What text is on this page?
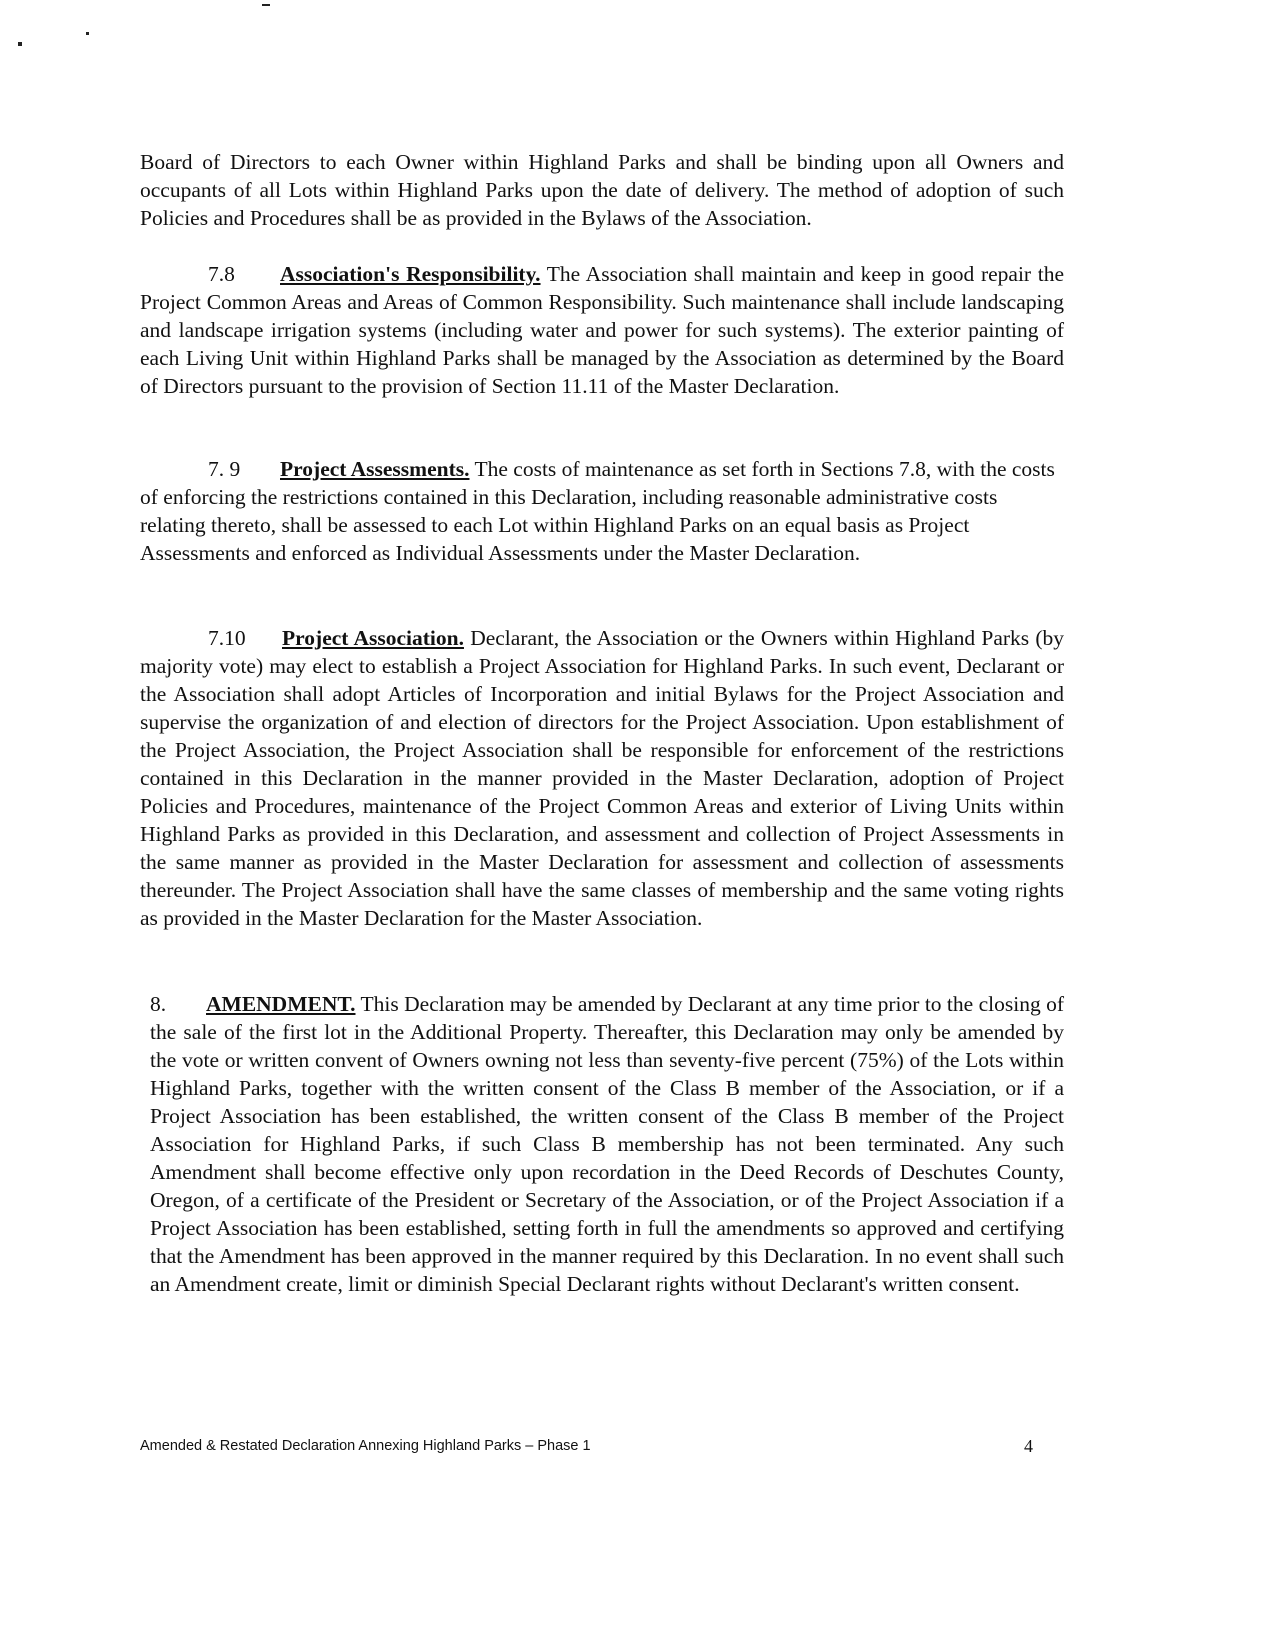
Board of Directors to each Owner within Highland Parks and shall be binding upon all Owners and occupants of all Lots within Highland Parks upon the date of delivery. The method of adoption of such Policies and Procedures shall be as provided in the Bylaws of the Association.

7.8 Association's Responsibility. The Association shall maintain and keep in good repair the Project Common Areas and Areas of Common Responsibility. Such maintenance shall include landscaping and landscape irrigation systems (including water and power for such systems). The exterior painting of each Living Unit within Highland Parks shall be managed by the Association as determined by the Board of Directors pursuant to the provision of Section 11.11 of the Master Declaration.

7. 9 Project Assessments. The costs of maintenance as set forth in Sections 7.8, with the costs of enforcing the restrictions contained in this Declaration, including reasonable administrative costs relating thereto, shall be assessed to each Lot within Highland Parks on an equal basis as Project Assessments and enforced as Individual Assessments under the Master Declaration.

7.10 Project Association. Declarant, the Association or the Owners within Highland Parks (by majority vote) may elect to establish a Project Association for Highland Parks. In such event, Declarant or the Association shall adopt Articles of Incorporation and initial Bylaws for the Project Association and supervise the organization of and election of directors for the Project Association. Upon establishment of the Project Association, the Project Association shall be responsible for enforcement of the restrictions contained in this Declaration in the manner provided in the Master Declaration, adoption of Project Policies and Procedures, maintenance of the Project Common Areas and exterior of Living Units within Highland Parks as provided in this Declaration, and assessment and collection of Project Assessments in the same manner as provided in the Master Declaration for assessment and collection of assessments thereunder. The Project Association shall have the same classes of membership and the same voting rights as provided in the Master Declaration for the Master Association.

8. AMENDMENT. This Declaration may be amended by Declarant at any time prior to the closing of the sale of the first lot in the Additional Property. Thereafter, this Declaration may only be amended by the vote or written convent of Owners owning not less than seventy-five percent (75%) of the Lots within Highland Parks, together with the written consent of the Class B member of the Association, or if a Project Association has been established, the written consent of the Class B member of the Project Association for Highland Parks, if such Class B membership has not been terminated. Any such Amendment shall become effective only upon recordation in the Deed Records of Deschutes County, Oregon, of a certificate of the President or Secretary of the Association, or of the Project Association if a Project Association has been established, setting forth in full the amendments so approved and certifying that the Amendment has been approved in the manner required by this Declaration. In no event shall such an Amendment create, limit or diminish Special Declarant rights without Declarant's written consent.

Amended & Restated Declaration Annexing Highland Parks – Phase 1	4
